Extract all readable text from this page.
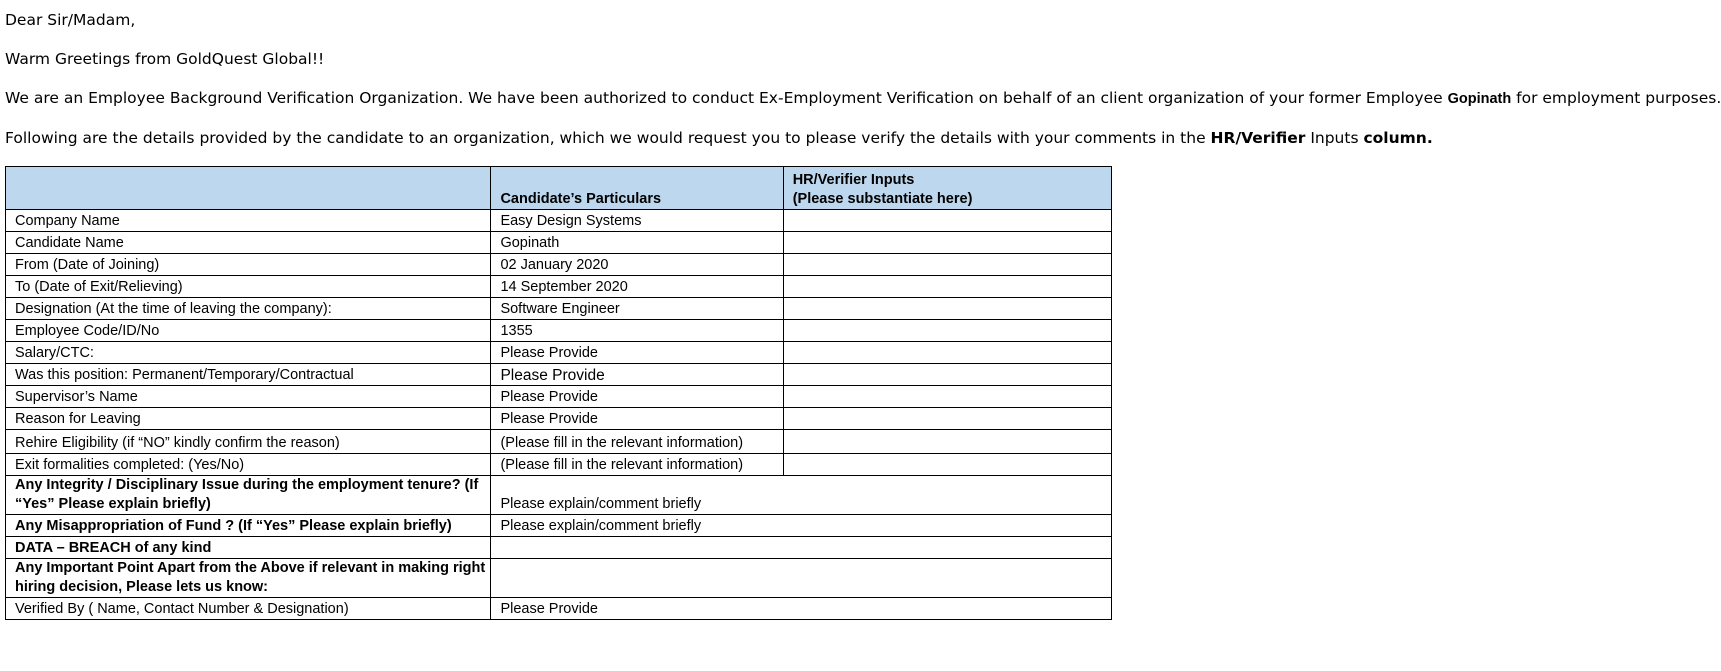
Dear Sir/Madam,
Warm Greetings from GoldQuest Global!!
We are an Employee Background Verification Organization. We have been authorized to conduct Ex-Employment Verification on behalf of an client organization of your former Employee Gopinath for employment purposes.
Following are the details provided by the candidate to an organization, which we would request you to please verify the details with your comments in the HR/Verifier Inputs column.
	Candidate’s Particulars	HR/Verifier Inputs
(Please substantiate here)
Company Name	Easy Design Systems	
Candidate Name	Gopinath	
From (Date of Joining)	02 January 2020	
To (Date of Exit/Relieving)	14 September 2020	
Designation (At the time of leaving the company):	Software Engineer	
Employee Code/ID/No	1355	
Salary/CTC:	Please Provide	
Was this position: Permanent/Temporary/Contractual	Please Provide	
Supervisor’s Name	Please Provide	
Reason for Leaving	Please Provide	
Rehire Eligibility (if “NO” kindly confirm the reason)	(Please fill in the relevant information)	
Exit formalities completed: (Yes/No)	(Please fill in the relevant information)	
Any Integrity / Disciplinary Issue during the employment tenure? (If
“Yes” Please explain briefly)	Please explain/comment briefly	
Any Misappropriation of Fund ? (If “Yes” Please explain briefly)	Please explain/comment briefly	
DATA – BREACH of any kind		
Any Important Point Apart from the Above if relevant in making right
hiring decision, Please lets us know:		
Verified By ( Name, Contact Number & Designation)	Please Provide	
